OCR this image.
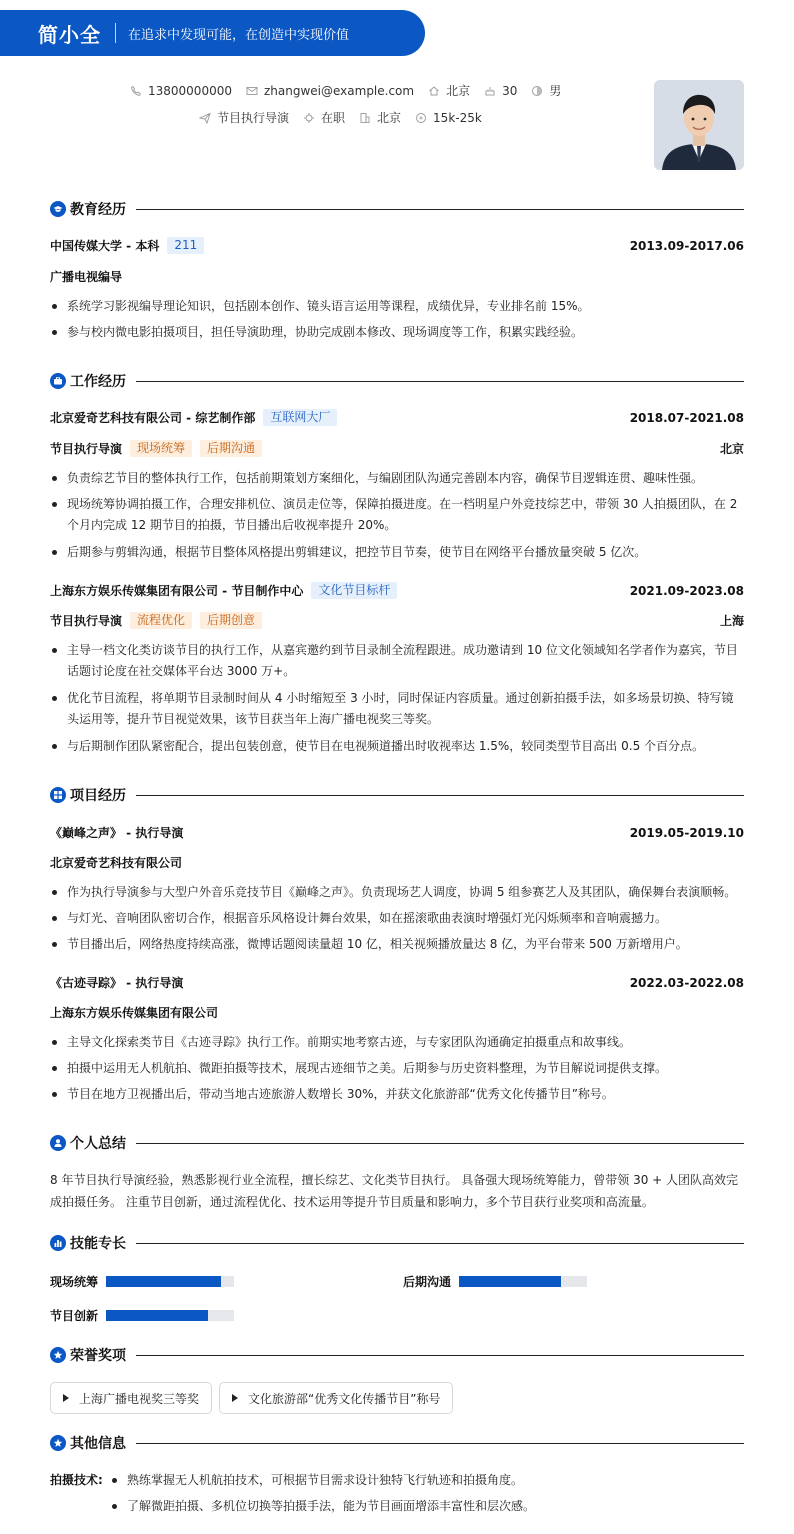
简小全 在追求中发现可能，在创造中实现价值
13800000000	zhangwei@example.com	北京	30	男
节目执行导演	在职	北京	15k-25k
教育经历
中国传媒大学 - 本科	211	2013.09-2017.06
广播电视编导
系统学习影视编导理论知识，包括剧本创作、镜头语言运用等课程，成绩优异，专业排名前 15%。
参与校内微电影拍摄项目，担任导演助理，协助完成剧本修改、现场调度等工作，积累实践经验。
工作经历
北京爱奇艺科技有限公司 - 综艺制作部	互联网大厂	2018.07-2021.08
节目执行导演	现场统筹	后期沟通	北京
负责综艺节目的整体执行工作，包括前期策划方案细化，与编剧团队沟通完善剧本内容，确保节目逻辑连贯、趣味性强。
现场统筹协调拍摄工作，合理安排机位、演员走位等，保障拍摄进度。在一档明星户外竞技综艺中，带领 30 人拍摄团队，在 2 个月内完成 12 期节目的拍摄，节目播出后收视率提升 20%。
后期参与剪辑沟通，根据节目整体风格提出剪辑建议，把控节目节奏，使节目在网络平台播放量突破 5 亿次。
上海东方娱乐传媒集团有限公司 - 节目制作中心	文化节目标杆	2021.09-2023.08
节目执行导演	流程优化	后期创意	上海
主导一档文化类访谈节目的执行工作，从嘉宾邀约到节目录制全流程跟进。成功邀请到 10 位文化领域知名学者作为嘉宾，节目话题讨论度在社交媒体平台达 3000 万+。
优化节目流程，将单期节目录制时间从 4 小时缩短至 3 小时，同时保证内容质量。通过创新拍摄手法，如多场景切换、特写镜头运用等，提升节目视觉效果，该节目获当年上海广播电视奖三等奖。
与后期制作团队紧密配合，提出包装创意，使节目在电视频道播出时收视率达 1.5%，较同类型节目高出 0.5 个百分点。
项目经历
《巅峰之声》 - 执行导演	2019.05-2019.10
北京爱奇艺科技有限公司
作为执行导演参与大型户外音乐竞技节目《巅峰之声》。负责现场艺人调度，协调 5 组参赛艺人及其团队，确保舞台表演顺畅。
与灯光、音响团队密切合作，根据音乐风格设计舞台效果，如在摇滚歌曲表演时增强灯光闪烁频率和音响震撼力。
节目播出后，网络热度持续高涨，微博话题阅读量超 10 亿，相关视频播放量达 8 亿，为平台带来 500 万新增用户。
《古迹寻踪》 - 执行导演	2022.03-2022.08
上海东方娱乐传媒集团有限公司
主导文化探索类节目《古迹寻踪》执行工作。前期实地考察古迹，与专家团队沟通确定拍摄重点和故事线。
拍摄中运用无人机航拍、微距拍摄等技术，展现古迹细节之美。后期参与历史资料整理，为节目解说词提供支撑。
节目在地方卫视播出后，带动当地古迹旅游人数增长 30%，并获文化旅游部“优秀文化传播节目”称号。
个人总结
8 年节目执行导演经验，熟悉影视行业全流程，擅长综艺、文化类节目执行。 具备强大现场统筹能力，曾带领 30 + 人团队高效完成拍摄任务。 注重节目创新，通过流程优化、技术运用等提升节目质量和影响力，多个节目获行业奖项和高流量。
技能专长
现场统筹	后期沟通
节目创新
荣誉奖项
上海广播电视奖三等奖	文化旅游部“优秀文化传播节目”称号
其他信息
拍摄技术:	熟练掌握无人机航拍技术，可根据节目需求设计独特飞行轨迹和拍摄角度。
了解微距拍摄、多机位切换等拍摄手法，能为节目画面增添丰富性和层次感。
